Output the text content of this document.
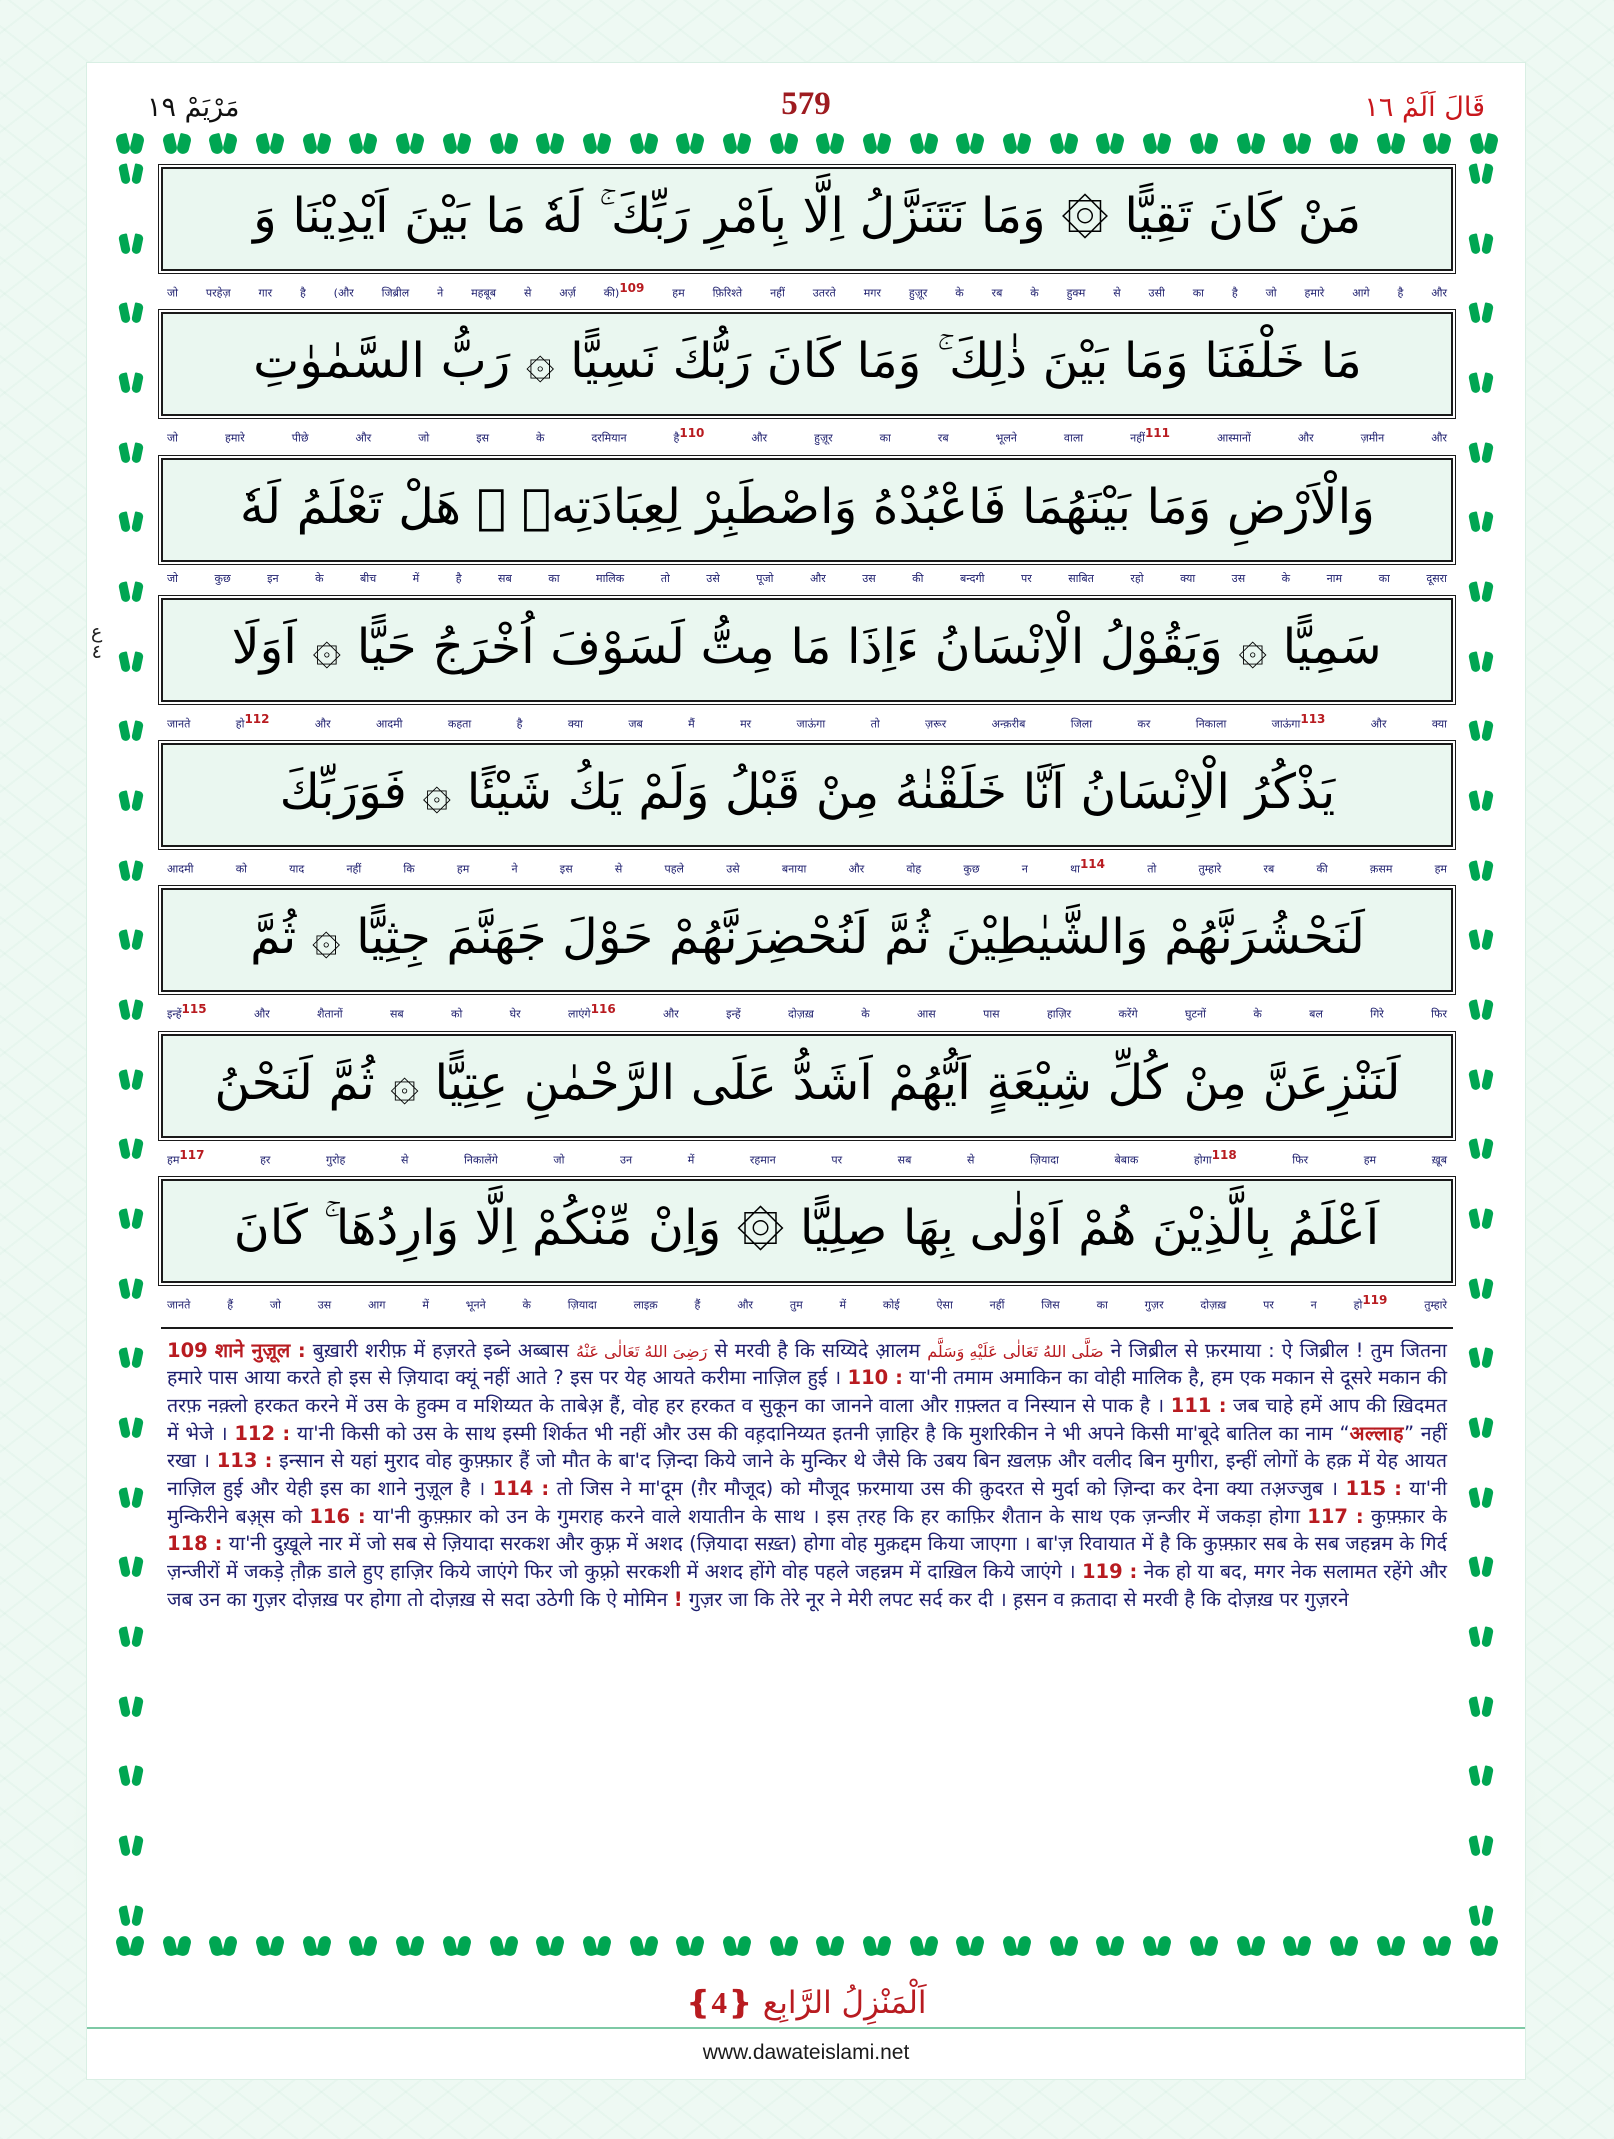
مَرْيَمْ ١٩	579	قَالَ اَلَمْ ١٦
ع
٤
مَنْ كَانَ تَقِيًّا ۞ وَمَا نَتَنَزَّلُ اِلَّا بِاَمْرِ رَبِّكَ ۚ لَهٗ مَا بَيْنَ اَيْدِيْنَا وَ
जो परहेज़ गार है (और जिब्रील ने महबूब से अर्ज़ की)$^{109}$ हम फ़िरिश्ते नहीं उतरते मगर हुज़ूर के रब के हुक्म से उसी का है जो हमारे आगे है और
مَا خَلْفَنَا وَمَا بَيْنَ ذٰلِكَ ۚ وَمَا كَانَ رَبُّكَ نَسِيًّا ۞ رَبُّ السَّمٰوٰتِ
जो हमारे पीछे और जो इस के दरमियान है$^{110}$ और हुज़ूर का रब भूलने वाला नहीं$^{111}$ आस्मानों और ज़मीन और
وَالْاَرْضِ وَمَا بَيْنَهُمَا فَاعْبُدْهُ وَاصْطَبِرْ لِعِبَادَتِهٖ ۗ هَلْ تَعْلَمُ لَهٗ
जो कुछ इन के बीच में है सब का मालिक तो उसे पूजो और उस की बन्दगी पर साबित रहो क्या उस के नाम का दूसरा
سَمِيًّا ۞ وَيَقُوْلُ الْاِنْسَانُ ءَاِذَا مَا مِتُّ لَسَوْفَ اُخْرَجُ حَيًّا ۞ اَوَلَا
जानते हो$^{112}$ और आदमी कहता है क्या जब मैं मर जाऊंगा तो ज़रूर अन्क़रीब जिला कर निकाला जाऊंगा$^{113}$ और क्या
يَذْكُرُ الْاِنْسَانُ اَنَّا خَلَقْنٰهُ مِنْ قَبْلُ وَلَمْ يَكُ شَيْئًا ۞ فَوَرَبِّكَ
आदमी को याद नहीं कि हम ने इस से पहले उसे बनाया और वोह कुछ न था$^{114}$ तो तुम्हारे रब की क़सम हम
لَنَحْشُرَنَّهُمْ وَالشَّيٰطِيْنَ ثُمَّ لَنُحْضِرَنَّهُمْ حَوْلَ جَهَنَّمَ جِثِيًّا ۞ ثُمَّ
इन्हें$^{115}$ और शैतानों सब को घेर लाएंगे$^{116}$ और इन्हें दोज़ख़ के आस पास हाज़िर करेंगे घुटनों के बल गिरे फिर
لَنَنْزِعَنَّ مِنْ كُلِّ شِيْعَةٍ اَيُّهُمْ اَشَدُّ عَلَى الرَّحْمٰنِ عِتِيًّا ۞ ثُمَّ لَنَحْنُ
हम$^{117}$ हर गुरोह से निकालेंगे जो उन में रहमान पर सब से ज़ियादा बेबाक होगा$^{118}$ फिर हम ख़ूब
اَعْلَمُ بِالَّذِيْنَ هُمْ اَوْلٰى بِهَا صِلِيًّا ۞ وَاِنْ مِّنْكُمْ اِلَّا وَارِدُهَا ۚ كَانَ
जानते हैं जो उस आग में भूनने के ज़ियादा लाइक़ हैं और तुम में कोई ऐसा नहीं जिस का गुज़र दोज़ख़ पर न हो$^{119}$ तुम्हारे
109 शाने नुज़ूल : बुख़ारी शरीफ़ में हज़रते इब्ने अब्बास رَضِیَ اللهُ تَعَالٰی عَنْهُ से मरवी है कि सय्यिदे आ़लम صَلَّی اللهُ تَعَالٰی عَلَیْهِ وَسَلَّم ने जिब्रील से फ़रमाया : ऐ जिब्रील ! तुम जितना हमारे पास आया करते हो इस से ज़ियादा क्यूं नहीं आते ? इस पर येह आयते करीमा नाज़िल हुई । 110 : या'नी तमाम अमाकिन का वोही मालिक है, हम एक मकान से दूसरे मकान की तरफ़ नक़्लो हरकत करने में उस के हुक्म व मशिय्यत के ताबेअ़ हैं, वोह हर हरकत व सुकून का जानने वाला और ग़फ़्लत व निस्यान से पाक है । 111 : जब चाहे हमें आप की ख़िदमत में भेजे । 112 : या'नी किसी को उस के साथ इस्मी शिर्कत भी नहीं और उस की वह़दानिय्यत इतनी ज़ाहिर है कि मुशरिकीन ने भी अपने किसी मा'बूदे बातिल का नाम “अल्लाह” नहीं रखा । 113 : इन्सान से यहां मुराद वोह कुफ़्फ़ार हैं जो मौत के बा'द ज़िन्दा किये जाने के मुन्किर थे जैसे कि उबय बिन ख़लफ़ और वलीद बिन मुगीरा, इन्हीं लोगों के हक़ में येह आयत नाज़िल हुई और येही इस का शाने नुज़ूल है । 114 : तो जिस ने मा'दूम (ग़ैर मौजूद) को मौजूद फ़रमाया उस की क़ुदरत से मुर्दा को ज़िन्दा कर देना क्या तअ़ज्जुब । 115 : या'नी मुन्किरीने बअ़्स को 116 : या'नी कुफ़्फ़ार को उन के गुमराह करने वाले शयातीन के साथ । इस त़रह कि हर काफ़िर शैतान के साथ एक ज़न्जीर में जकड़ा होगा 117 : कुफ़्फ़ार के 118 : या'नी दुख़ूले नार में जो सब से ज़ियादा सरकश और कुफ़्र में अशद (ज़ियादा सख़्त) होगा वोह मुक़द्दम किया जाएगा । बा'ज़ रिवायात में है कि कुफ़्फ़ार सब के सब जहन्नम के गिर्द ज़न्जीरों में जकड़े त़ौक़ डाले हुए हाज़िर किये जाएंगे फिर जो कुफ़्रो सरकशी में अशद होंगे वोह पहले जहन्नम में दाख़िल किये जाएंगे । 119 : नेक हो या बद, मगर नेक सलामत रहेंगे और जब उन का गुज़र दोज़ख़ पर होगा तो दोज़ख़ से सदा उठेगी कि ऐ मोमिन ! गुज़र जा कि तेरे नूर ने मेरी लपट सर्द कर दी । ह़सन व क़तादा से मरवी है कि दोज़ख़ पर गुज़रने
اَلْمَنْزِلُ الرَّابِع ❴4❵
www.dawateislami.net
